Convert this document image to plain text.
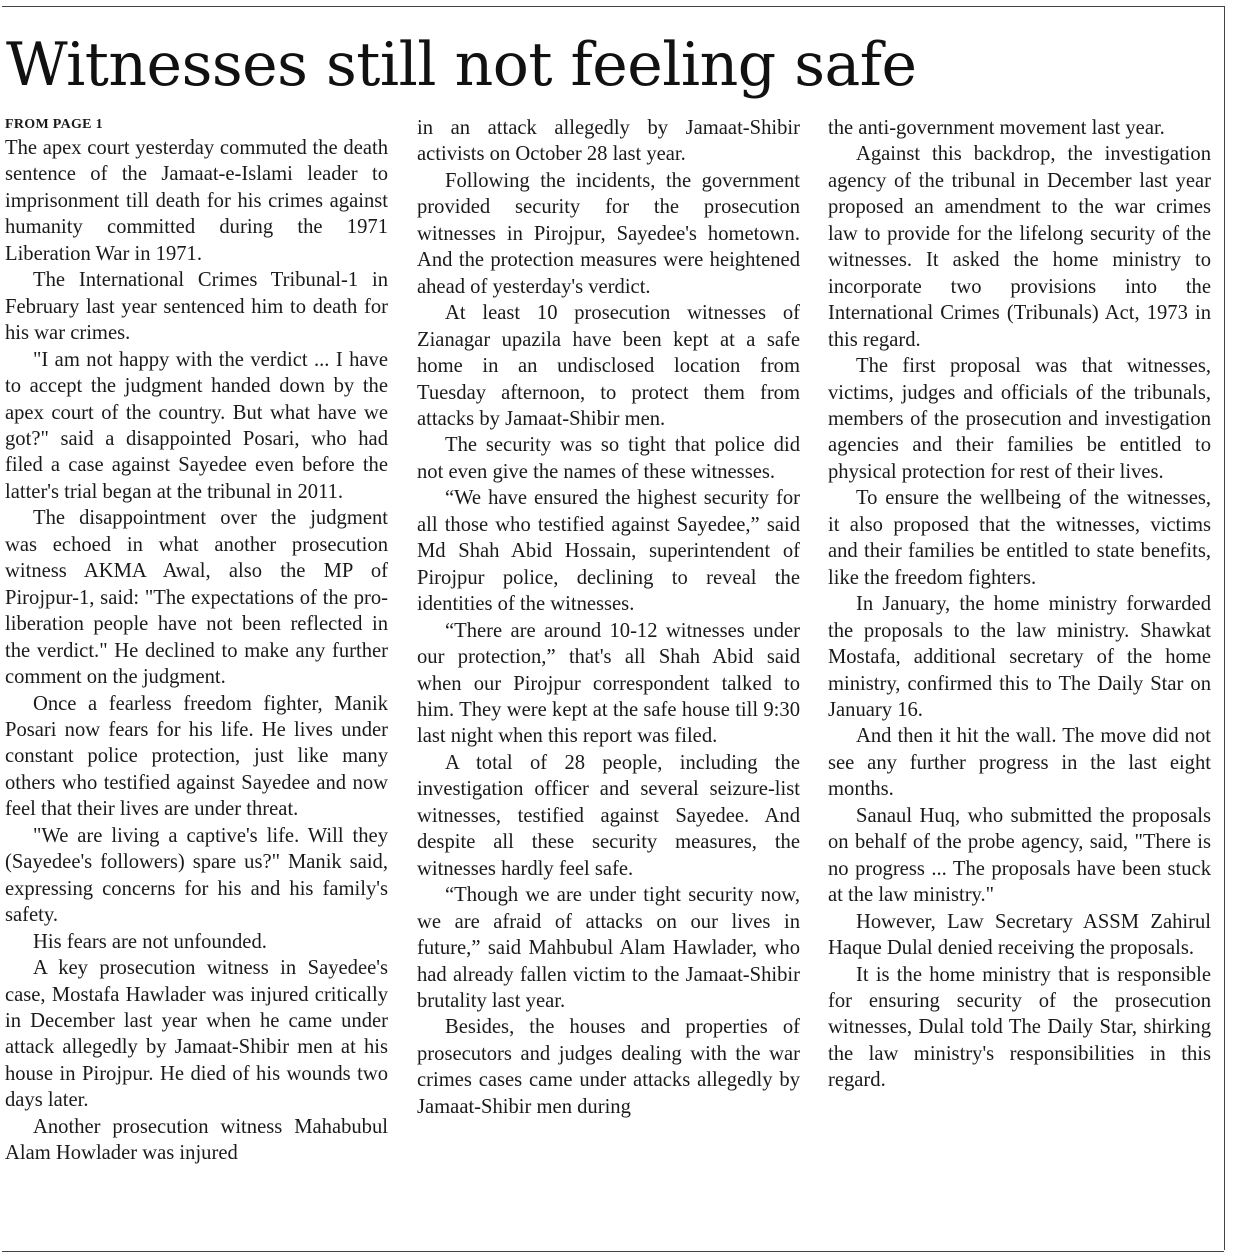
Witnesses still not feeling safe
FROM PAGE 1

The apex court yesterday commuted the death sentence of the Jamaat-e-Islami leader to imprisonment till death for his crimes against humanity committed during the 1971 Liberation War in 1971.

The International Crimes Tribunal-1 in February last year sentenced him to death for his war crimes.

"I am not happy with the verdict ... I have to accept the judgment handed down by the apex court of the country. But what have we got?" said a disappointed Posari, who had filed a case against Sayedee even before the latter's trial began at the tribunal in 2011.

The disappointment over the judgment was echoed in what another prosecution witness AKMA Awal, also the MP of Pirojpur-1, said: "The expectations of the pro-liberation people have not been reflected in the verdict." He declined to make any further comment on the judgment.

Once a fearless freedom fighter, Manik Posari now fears for his life. He lives under constant police protection, just like many others who testified against Sayedee and now feel that their lives are under threat.

"We are living a captive's life. Will they (Sayedee's followers) spare us?" Manik said, expressing concerns for his and his family's safety.

His fears are not unfounded.

A key prosecution witness in Sayedee's case, Mostafa Hawlader was injured critically in December last year when he came under attack allegedly by Jamaat-Shibir men at his house in Pirojpur. He died of his wounds two days later.

Another prosecution witness Mahabubul Alam Howlader was injured

in an attack allegedly by Jamaat-Shibir activists on October 28 last year.

Following the incidents, the government provided security for the prosecution witnesses in Pirojpur, Sayedee's hometown. And the protection measures were heightened ahead of yesterday's verdict.

At least 10 prosecution witnesses of Zianagar upazila have been kept at a safe home in an undisclosed location from Tuesday afternoon, to protect them from attacks by Jamaat-Shibir men.

The security was so tight that police did not even give the names of these witnesses.

“We have ensured the highest security for all those who testified against Sayedee,” said Md Shah Abid Hossain, superintendent of Pirojpur police, declining to reveal the identities of the witnesses.

“There are around 10-12 witnesses under our protection,” that's all Shah Abid said when our Pirojpur correspondent talked to him. They were kept at the safe house till 9:30 last night when this report was filed.

A total of 28 people, including the investigation officer and several seizure-list witnesses, testified against Sayedee. And despite all these security measures, the witnesses hardly feel safe.

“Though we are under tight security now, we are afraid of attacks on our lives in future,” said Mahbubul Alam Hawlader, who had already fallen victim to the Jamaat-Shibir brutality last year.

Besides, the houses and properties of prosecutors and judges dealing with the war crimes cases came under attacks allegedly by Jamaat-Shibir men during

the anti-government movement last year.

Against this backdrop, the investigation agency of the tribunal in December last year proposed an amendment to the war crimes law to provide for the lifelong security of the witnesses. It asked the home ministry to incorporate two provisions into the International Crimes (Tribunals) Act, 1973 in this regard.

The first proposal was that witnesses, victims, judges and officials of the tribunals, members of the prosecution and investigation agencies and their families be entitled to physical protection for rest of their lives.

To ensure the wellbeing of the witnesses, it also proposed that the witnesses, victims and their families be entitled to state benefits, like the freedom fighters.

In January, the home ministry forwarded the proposals to the law ministry. Shawkat Mostafa, additional secretary of the home ministry, confirmed this to The Daily Star on January 16.

And then it hit the wall. The move did not see any further progress in the last eight months.

Sanaul Huq, who submitted the proposals on behalf of the probe agency, said, "There is no progress ... The proposals have been stuck at the law ministry."

However, Law Secretary ASSM Zahirul Haque Dulal denied receiving the proposals.

It is the home ministry that is responsible for ensuring security of the prosecution witnesses, Dulal told The Daily Star, shirking the law ministry's responsibilities in this regard.
